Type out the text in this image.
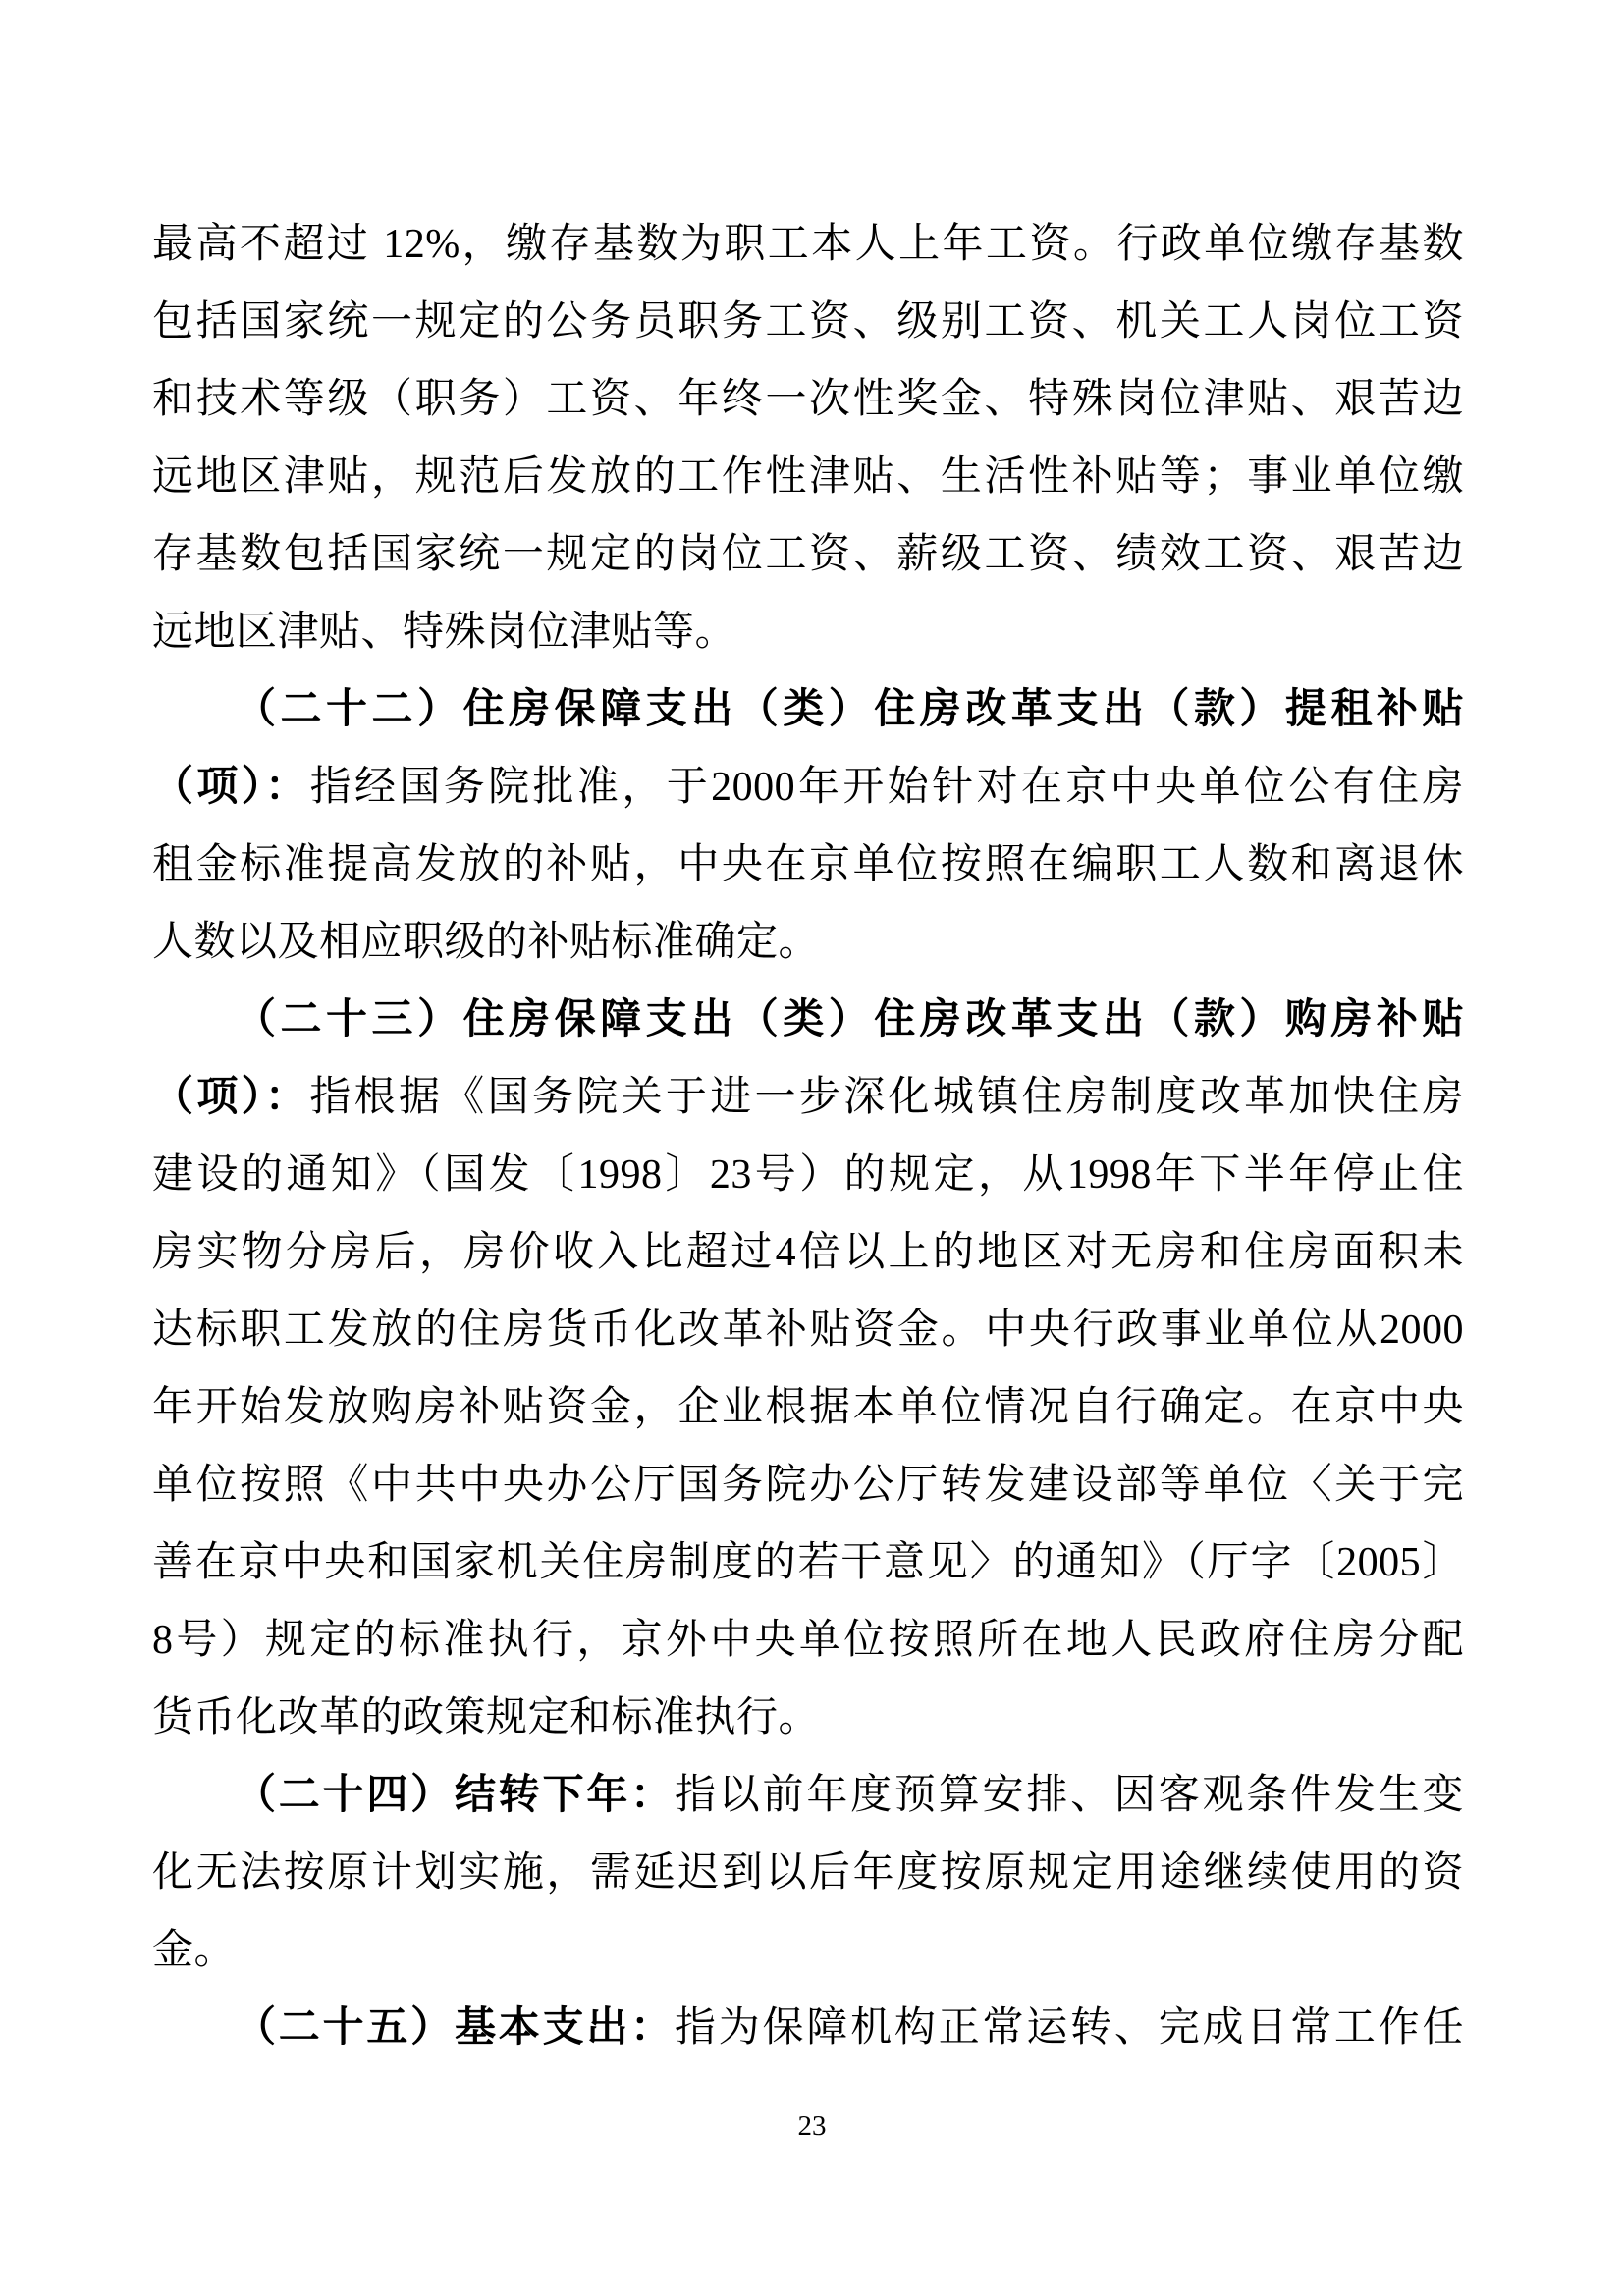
最高不超过 12%，缴存基数为职工本人上年工资。行政单位缴存基数
包括国家统一规定的公务员职务工资、级别工资、机关工人岗位工资
和技术等级（职务）工资、年终一次性奖金、特殊岗位津贴、艰苦边
远地区津贴，规范后发放的工作性津贴、生活性补贴等；事业单位缴
存基数包括国家统一规定的岗位工资、薪级工资、绩效工资、艰苦边
远地区津贴、特殊岗位津贴等。
（二十二）住房保障支出（类）住房改革支出（款）提租补贴
（项）：指经国务院批准，于2000年开始针对在京中央单位公有住房
租金标准提高发放的补贴，中央在京单位按照在编职工人数和离退休
人数以及相应职级的补贴标准确定。
（二十三）住房保障支出（类）住房改革支出（款）购房补贴
（项）：指根据《国务院关于进一步深化城镇住房制度改革加快住房
建设的通知》（国发〔1998〕23号）的规定，从1998年下半年停止住
房实物分房后，房价收入比超过4倍以上的地区对无房和住房面积未
达标职工发放的住房货币化改革补贴资金。中央行政事业单位从2000
年开始发放购房补贴资金，企业根据本单位情况自行确定。在京中央
单位按照《中共中央办公厅国务院办公厅转发建设部等单位〈关于完
善在京中央和国家机关住房制度的若干意见〉的通知》（厅字〔2005〕
8号）规定的标准执行，京外中央单位按照所在地人民政府住房分配
货币化改革的政策规定和标准执行。
（二十四）结转下年：指以前年度预算安排、因客观条件发生变
化无法按原计划实施，需延迟到以后年度按原规定用途继续使用的资
金。
（二十五）基本支出：指为保障机构正常运转、完成日常工作任
23
